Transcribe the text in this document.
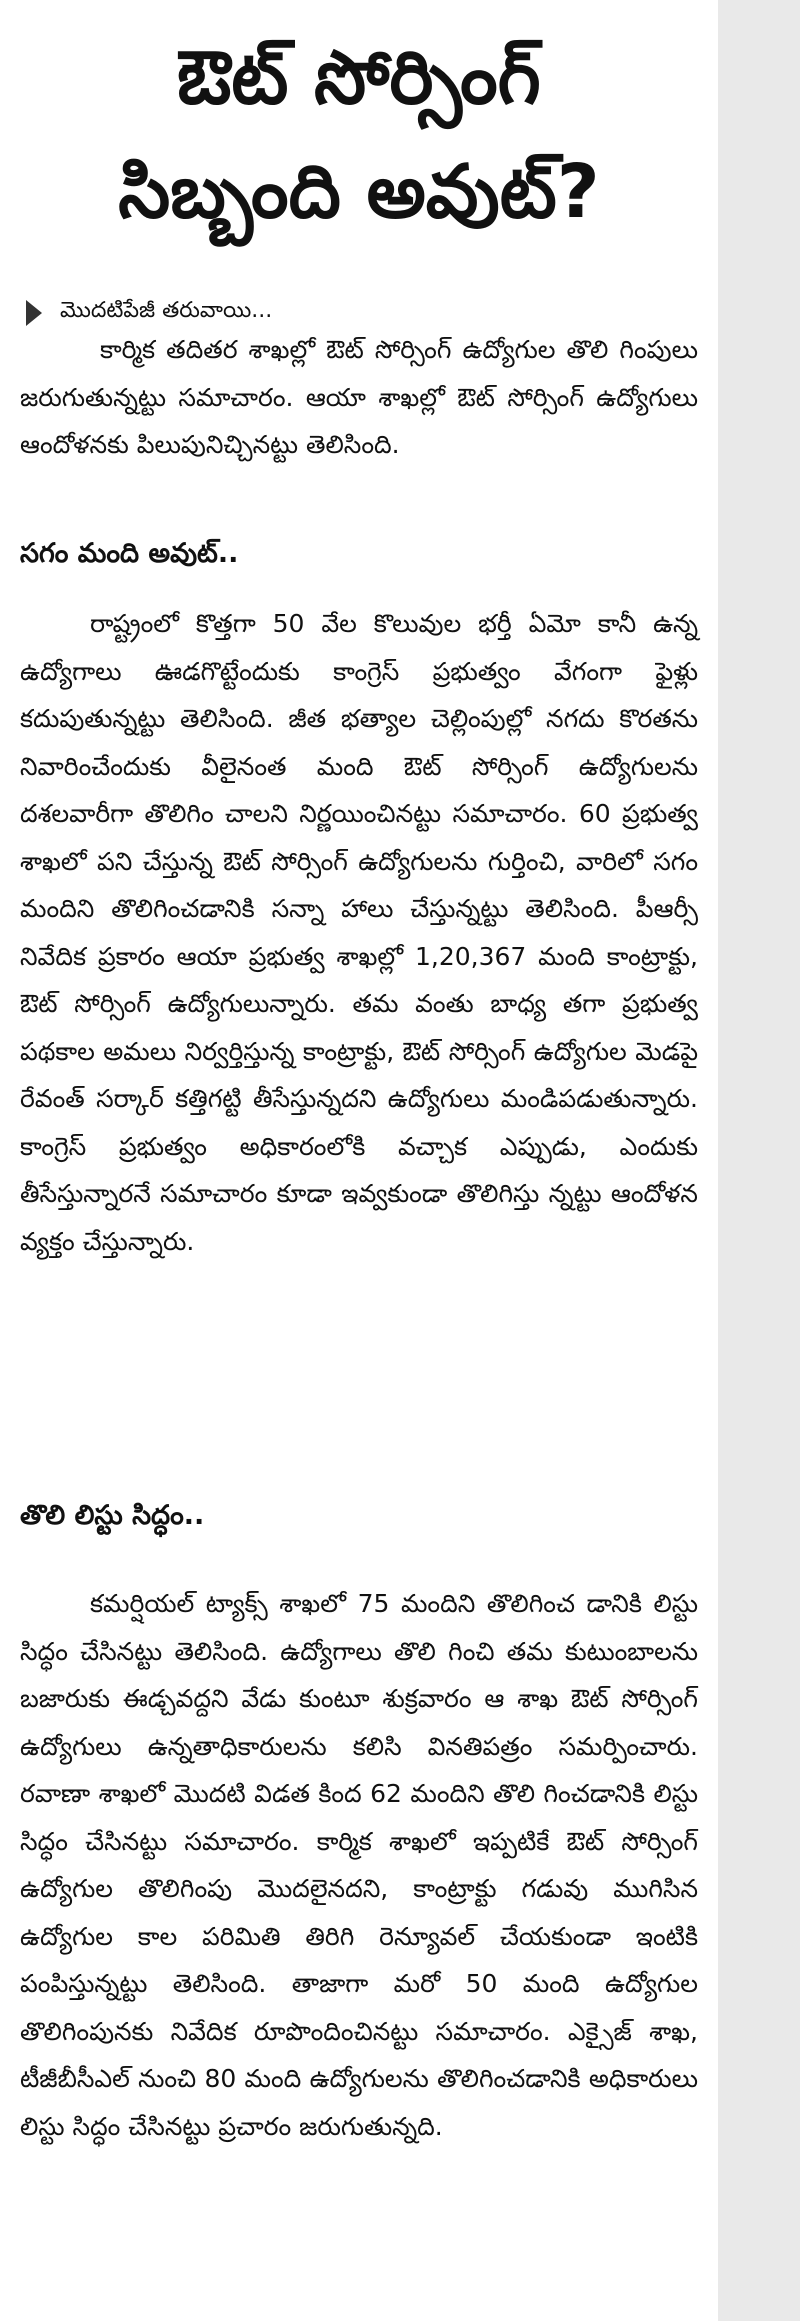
ఔట్ సోర్సింగ్
సిబ్బంది అవుట్?
మొదటిపేజీ తరువాయి...

కార్మిక తదితర శాఖల్లో ఔట్ సోర్సింగ్ ఉద్యోగుల తొలి గింపులు జరుగుతున్నట్టు సమాచారం. ఆయా శాఖల్లో ఔట్ సోర్సింగ్ ఉద్యోగులు ఆందోళనకు పిలుపునిచ్చినట్టు తెలిసింది.

సగం మంది అవుట్..

రాష్ట్రంలో కొత్తగా 50 వేల కొలువుల భర్తీ ఏమో కానీ ఉన్న ఉద్యోగాలు ఊడగొట్టేందుకు కాంగ్రెస్ ప్రభుత్వం వేగంగా ఫైళ్లు కదుపుతున్నట్టు తెలిసింది. జీత భత్యాల చెల్లింపుల్లో నగదు కొరతను నివారించేందుకు వీలైనంత మంది ఔట్ సోర్సింగ్ ఉద్యోగులను దశలవారీగా తొలిగిం చాలని నిర్ణయించినట్టు సమాచారం. 60 ప్రభుత్వ శాఖలో పని చేస్తున్న ఔట్ సోర్సింగ్ ఉద్యోగులను గుర్తించి, వారిలో సగం మందిని తొలిగించడానికి సన్నా హాలు చేస్తున్నట్టు తెలిసింది. పీఆర్సీ నివేదిక ప్రకారం ఆయా ప్రభుత్వ శాఖల్లో 1,20,367 మంది కాంట్రాక్టు, ఔట్ సోర్సింగ్ ఉద్యోగులున్నారు. తమ వంతు బాధ్య తగా ప్రభుత్వ పథకాల అమలు నిర్వర్తిస్తున్న కాంట్రాక్టు, ఔట్ సోర్సింగ్ ఉద్యోగుల మెడపై రేవంత్ సర్కార్ కత్తిగట్టి తీసేస్తున్నదని ఉద్యోగులు మండిపడుతున్నారు. కాంగ్రెస్ ప్రభుత్వం అధికారంలోకి వచ్చాక ఎప్పుడు, ఎందుకు తీసేస్తున్నారనే సమాచారం కూడా ఇవ్వకుండా తొలిగిస్తు న్నట్టు ఆందోళన వ్యక్తం చేస్తున్నారు.

తొలి లిస్టు సిద్ధం..

కమర్షియల్ ట్యాక్స్ శాఖలో 75 మందిని తొలిగించ డానికి లిస్టు సిద్ధం చేసినట్టు తెలిసింది. ఉద్యోగాలు తొలి గించి తమ కుటుంబాలను బజారుకు ఈడ్చవద్దని వేడు కుంటూ శుక్రవారం ఆ శాఖ ఔట్ సోర్సింగ్ ఉద్యోగులు ఉన్నతాధికారులను కలిసి వినతిపత్రం సమర్పించారు. రవాణా శాఖలో మొదటి విడత కింద 62 మందిని తొలి గించడానికి లిస్టు సిద్ధం చేసినట్టు సమాచారం. కార్మిక శాఖలో ఇప్పటికే ఔట్ సోర్సింగ్ ఉద్యోగుల తొలిగింపు మొదలైనదని, కాంట్రాక్టు గడువు ముగిసిన ఉద్యోగుల కాల పరిమితి తిరిగి రెన్యూవల్ చేయకుండా ఇంటికి పంపిస్తున్నట్టు తెలిసింది. తాజాగా మరో 50 మంది ఉద్యోగుల తొలిగింపునకు నివేదిక రూపొందించినట్టు సమాచారం. ఎక్సైజ్ శాఖ, టీజీబీసీఎల్ నుంచి 80 మంది ఉద్యోగులను తొలిగించడానికి అధికారులు లిస్టు సిద్ధం చేసినట్టు ప్రచారం జరుగుతున్నది.
